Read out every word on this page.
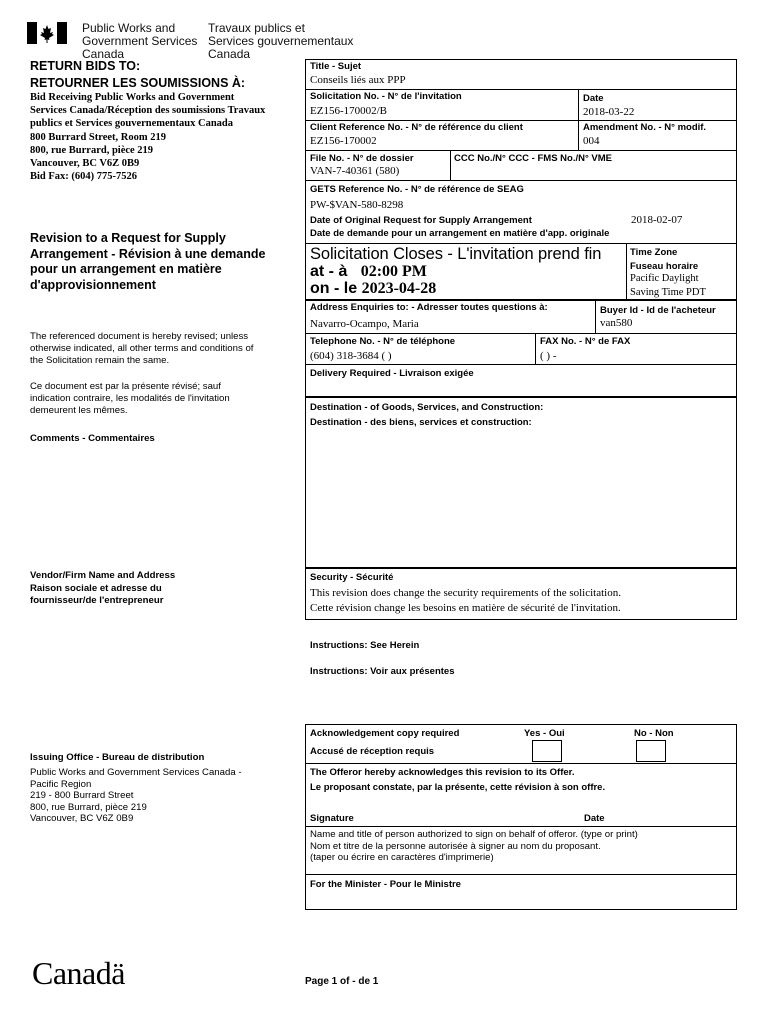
Public Works and
Government Services
Canada
Travaux publics et
Services gouvernementaux
Canada
RETURN BIDS TO:
RETOURNER LES SOUMISSIONS À:
Bid Receiving Public Works and Government
Services Canada/Réception des soumissions Travaux
publics et Services gouvernementaux Canada
800 Burrard Street, Room 219
800, rue Burrard, pièce 219
Vancouver, BC V6Z 0B9
Bid Fax: (604) 775-7526
Revision to a Request for Supply
Arrangement - Révision à une demande
pour un arrangement en matière
d'approvisionnement
The referenced document is hereby revised; unless
otherwise indicated, all other terms and conditions of
the Solicitation remain the same.
Ce document est par la présente révisé; sauf
indication contraire, les modalités de l'invitation
demeurent les mêmes.
Comments - Commentaires
Vendor/Firm Name and Address
Raison sociale et adresse du
fournisseur/de l'entrepreneur
Issuing Office - Bureau de distribution
Public Works and Government Services Canada -
Pacific Region
219 - 800 Burrard Street
800, rue Burrard, pièce 219
Vancouver, BC V6Z 0B9
Title - Sujet
Conseils liés aux PPP
Solicitation No. - N° de l'invitation
EZ156-170002/B
Date
2018-03-22
Client Reference No. - N° de référence du client
EZ156-170002
Amendment No. - N° modif.
004
File No. - N° de dossier
VAN-7-40361 (580)
CCC No./N° CCC - FMS No./N° VME
GETS Reference No. - N° de référence de SEAG
PW-$VAN-580-8298
Date of Original Request for Supply Arrangement	2018-02-07
Date de demande pour un arrangement en matière d'app. originale
Solicitation Closes - L'invitation prend fin
at - à 02:00 PM
on - le 2023-04-28
Time Zone
Fuseau horaire
Pacific Daylight
Saving Time PDT
Address Enquiries to: - Adresser toutes questions à:
Navarro-Ocampo, Maria
Buyer Id - Id de l'acheteur
van580
Telephone No. - N° de téléphone
(604) 318-3684 ( )
FAX No. - N° de FAX
( ) -
Delivery Required - Livraison exigée
Destination - of Goods, Services, and Construction:
Destination - des biens, services et construction:
Security - Sécurité
This revision does change the security requirements of the solicitation.
Cette révision change les besoins en matière de sécurité de l'invitation.
Instructions: See Herein
Instructions: Voir aux présentes
Acknowledgement copy required
Accusé de réception requis
Yes - Oui	No - Non
The Offeror hereby acknowledges this revision to its Offer.
Le proposant constate, par la présente, cette révision à son offre.
Signature	Date
Name and title of person authorized to sign on behalf of offeror. (type or print)
Nom et titre de la personne autorisée à signer au nom du proposant.
(taper ou écrire en caractères d'imprimerie)
For the Minister - Pour le Ministre
Canadä	Page 1 of - de 1
